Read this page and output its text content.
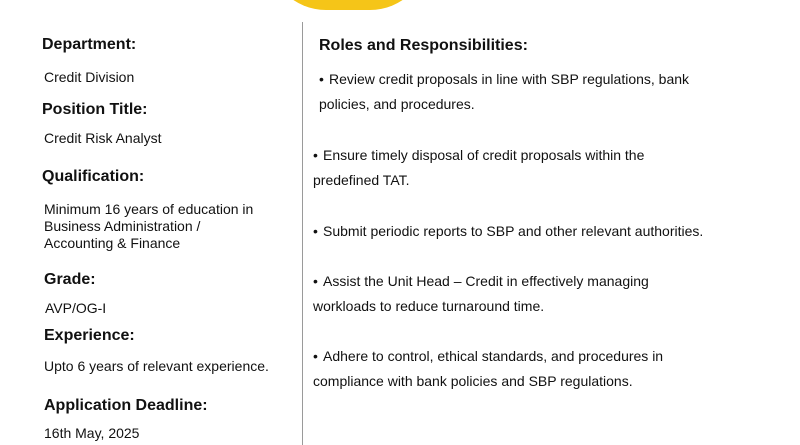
Department:

Credit Division

Position Title:

Credit Risk Analyst

Qualification:

Minimum 16 years of education in
Business Administration /
Accounting & Finance

Grade:

AVP/OG-I

Experience:

Upto 6 years of relevant experience.

Application Deadline:

16th May, 2025

Roles and Responsibilities:
• Review credit proposals in line with SBP regulations, bank
policies, and procedures.
• Ensure timely disposal of credit proposals within the
predefined TAT.
• Submit periodic reports to SBP and other relevant authorities.
• Assist the Unit Head – Credit in effectively managing
workloads to reduce turnaround time.
• Adhere to control, ethical standards, and procedures in
compliance with bank policies and SBP regulations.
